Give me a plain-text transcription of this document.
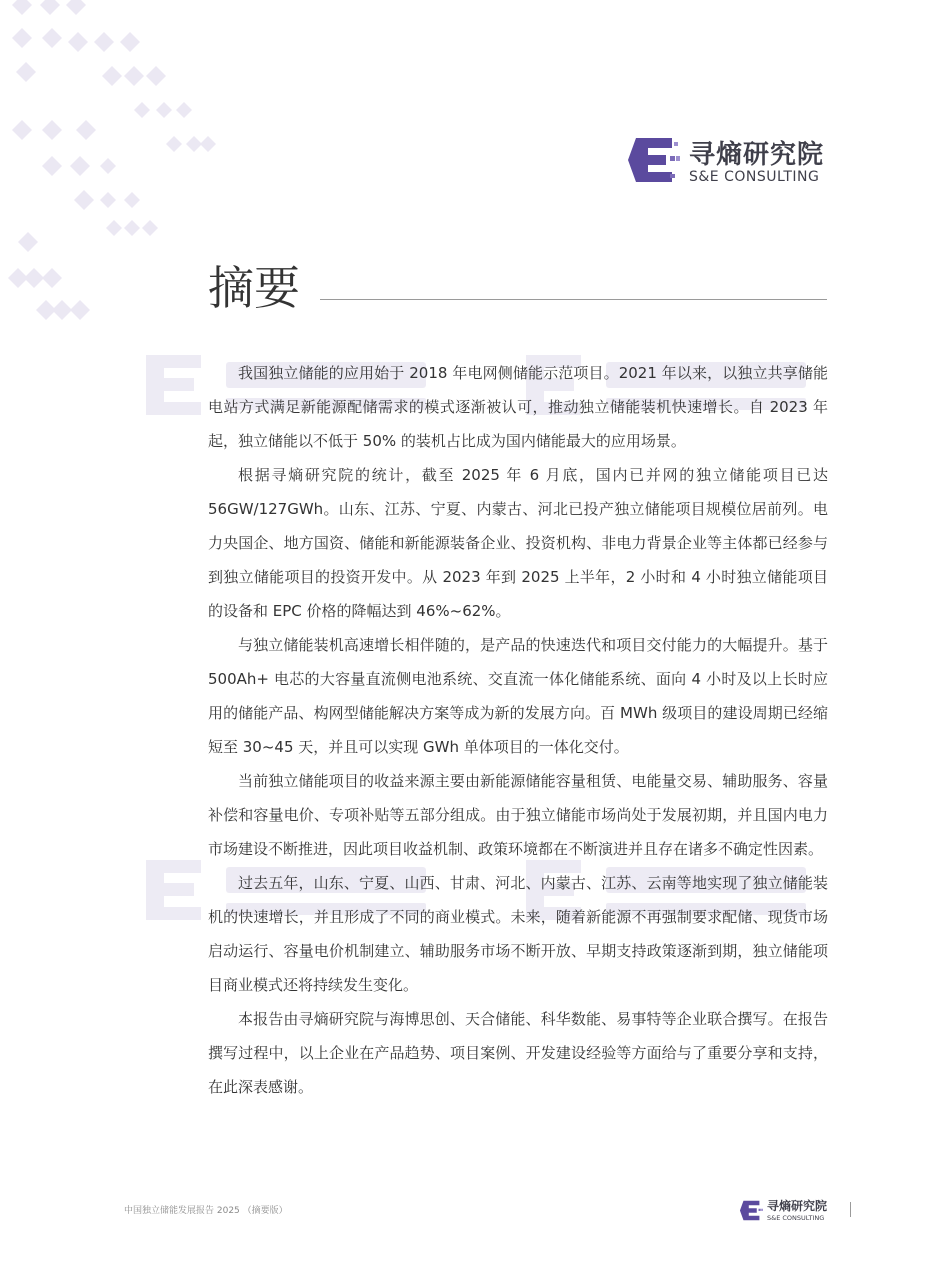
寻熵研究院
S&E CONSULTING
摘要

我国独立储能的应用始于 2018 年电网侧储能示范项目。2021 年以来，以独立共享储能电站方式满足新能源配储需求的模式逐渐被认可，推动独立储能装机快速增长。自 2023 年起，独立储能以不低于 50% 的装机占比成为国内储能最大的应用场景。

根据寻熵研究院的统计，截至 2025 年 6 月底，国内已并网的独立储能项目已达 56GW/127GWh。山东、江苏、宁夏、内蒙古、河北已投产独立储能项目规模位居前列。电力央国企、地方国资、储能和新能源装备企业、投资机构、非电力背景企业等主体都已经参与到独立储能项目的投资开发中。从 2023 年到 2025 上半年，2 小时和 4 小时独立储能项目的设备和 EPC 价格的降幅达到 46%~62%。

与独立储能装机高速增长相伴随的，是产品的快速迭代和项目交付能力的大幅提升。基于 500Ah+ 电芯的大容量直流侧电池系统、交直流一体化储能系统、面向 4 小时及以上长时应用的储能产品、构网型储能解决方案等成为新的发展方向。百 MWh 级项目的建设周期已经缩短至 30~45 天，并且可以实现 GWh 单体项目的一体化交付。

当前独立储能项目的收益来源主要由新能源储能容量租赁、电能量交易、辅助服务、容量补偿和容量电价、专项补贴等五部分组成。由于独立储能市场尚处于发展初期，并且国内电力市场建设不断推进，因此项目收益机制、政策环境都在不断演进并且存在诸多不确定性因素。

过去五年，山东、宁夏、山西、甘肃、河北、内蒙古、江苏、云南等地实现了独立储能装机的快速增长，并且形成了不同的商业模式。未来，随着新能源不再强制要求配储、现货市场启动运行、容量电价机制建立、辅助服务市场不断开放、早期支持政策逐渐到期，独立储能项目商业模式还将持续发生变化。

本报告由寻熵研究院与海博思创、天合储能、科华数能、易事特等企业联合撰写。在报告撰写过程中，以上企业在产品趋势、项目案例、开发建设经验等方面给与了重要分享和支持，在此深表感谢。

中国独立储能发展报告 2025 （摘要版）	寻熵研究院
S&E CONSULTING
